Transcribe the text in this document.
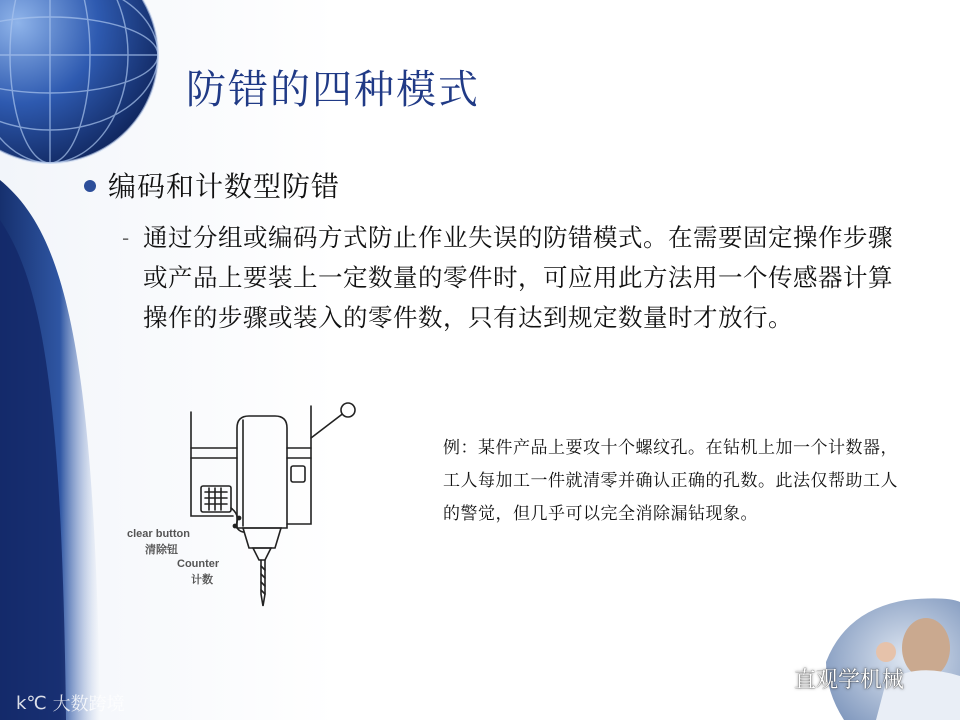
防错的四种模式
编码和计数型防错
- 通过分组或编码方式防止作业失误的防错模式。在需要固定操作步骤或产品上要装上一定数量的零件时，可应用此方法用一个传感器计算操作的步骤或装入的零件数，只有达到规定数量时才放行。
clear button
清除钮
Counter
计数
例：某件产品上要攻十个螺纹孔。在钻机上加一个计数器，工人每加工一件就清零并确认正确的孔数。此法仅帮助工人的警觉，但几乎可以完全消除漏钻现象。
直观学机械
k℃ 大数跨境
